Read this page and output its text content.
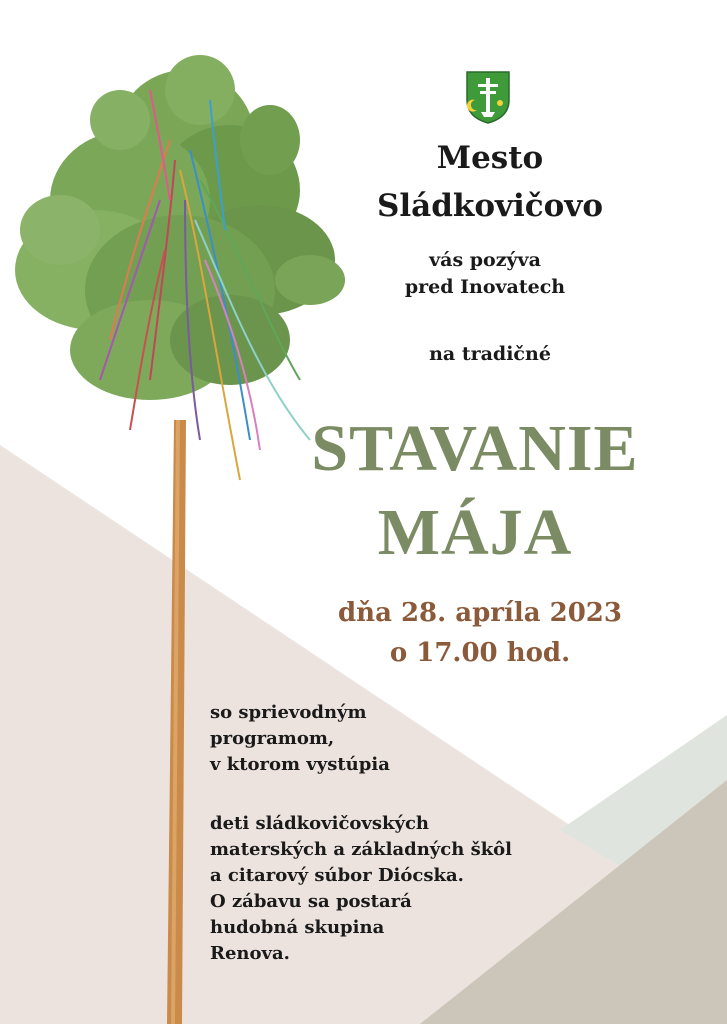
Mesto
Sládkovičovo
vás pozýva
pred Inovatech
na tradičné
STAVANIE
MÁJA
dňa 28. apríla 2023
o 17.00 hod.
so sprievodným
programom,
v ktorom vystúpia
deti sládkovičovských
materských a základných škôl
a citarový súbor Diócska.
O zábavu sa postará
hudobná skupina
Renova.
